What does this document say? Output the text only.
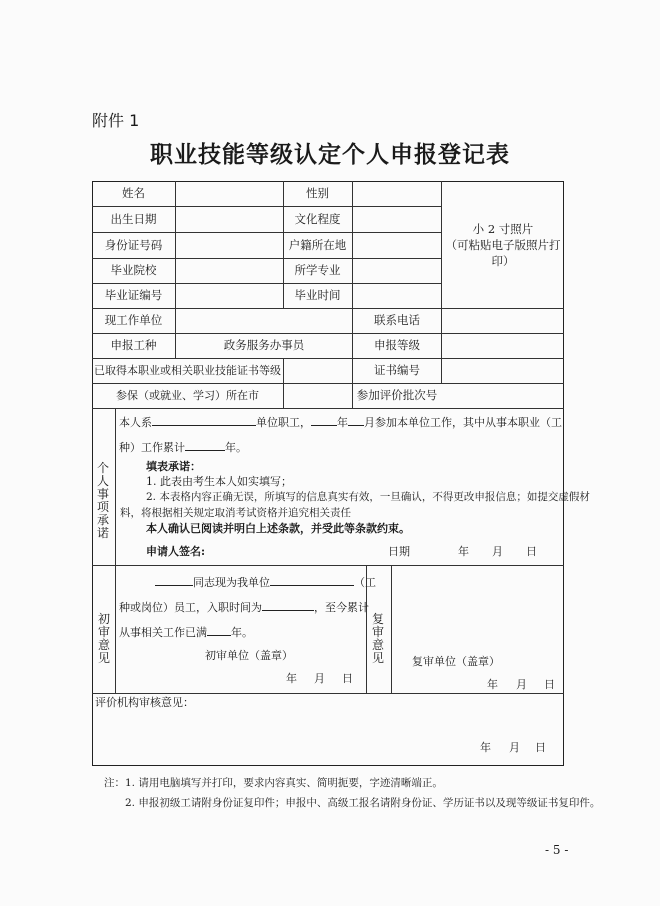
附件 1
职业技能等级认定个人申报登记表
姓名	性别
出生日期	文化程度
身份证号码	户籍所在地
毕业院校	所学专业
毕业证编号	毕业时间
小 2 寸照片
（可粘贴电子版照片打印）
现工作单位	联系电话
申报工种	政务服务办事员	申报等级
已取得本职业或相关职业技能证书等级	证书编号
参保（或就业、学习）所在市	参加评价批次号
个人事项承诺
本人系	单位职工， 年 月参加本单位工作，其中从事本职业（工
种）工作累计	年。
填表承诺：
1. 此表由考生本人如实填写；
2. 本表格内容正确无误，所填写的信息真实有效，一旦确认，不得更改申报信息；如提交虚假材
料，将根据相关规定取消考试资格并追究相关责任
本人确认已阅读并明白上述条款，并受此等条款约束。
申请人签名:	日期	年 月 日
初审意见
同志现为我单位	（工
种或岗位）员工，入职时间为	，至今累计
从事相关工作已满 年。
初审单位（盖章）
年 月 日
复审意见	复审单位（盖章）
年 月 日
评价机构审核意见：
年 月 日
注：1. 请用电脑填写并打印，要求内容真实、简明扼要，字迹清晰端正。
2. 申报初级工请附身份证复印件；申报中、高级工报名请附身份证、学历证书以及现等级证书复印件。
- 5 -
